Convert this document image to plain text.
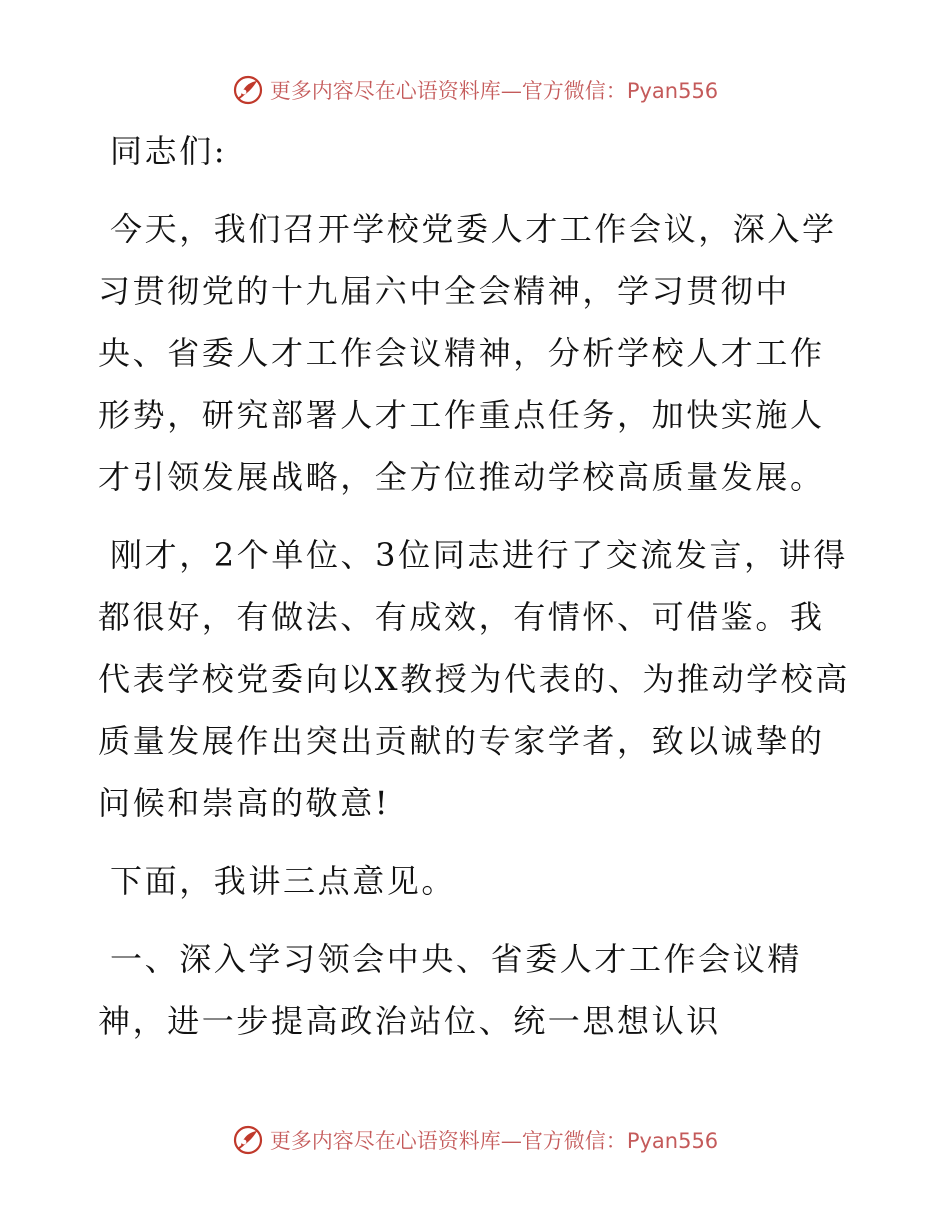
更多内容尽在心语资料库—官方微信：Pyan556

同志们:

今天，我们召开学校党委人才工作会议，深入学习贯彻党的十九届六中全会精神，学习贯彻中央、省委人才工作会议精神，分析学校人才工作形势，研究部署人才工作重点任务，加快实施人才引领发展战略，全方位推动学校高质量发展。

刚才，2个单位、3位同志进行了交流发言，讲得都很好，有做法、有成效，有情怀、可借鉴。我代表学校党委向以X教授为代表的、为推动学校高质量发展作出突出贡献的专家学者，致以诚挚的问候和崇高的敬意!

下面，我讲三点意见。

一、深入学习领会中央、省委人才工作会议精

神，进一步提高政治站位、统一思想认识

更多内容尽在心语资料库—官方微信：Pyan556
